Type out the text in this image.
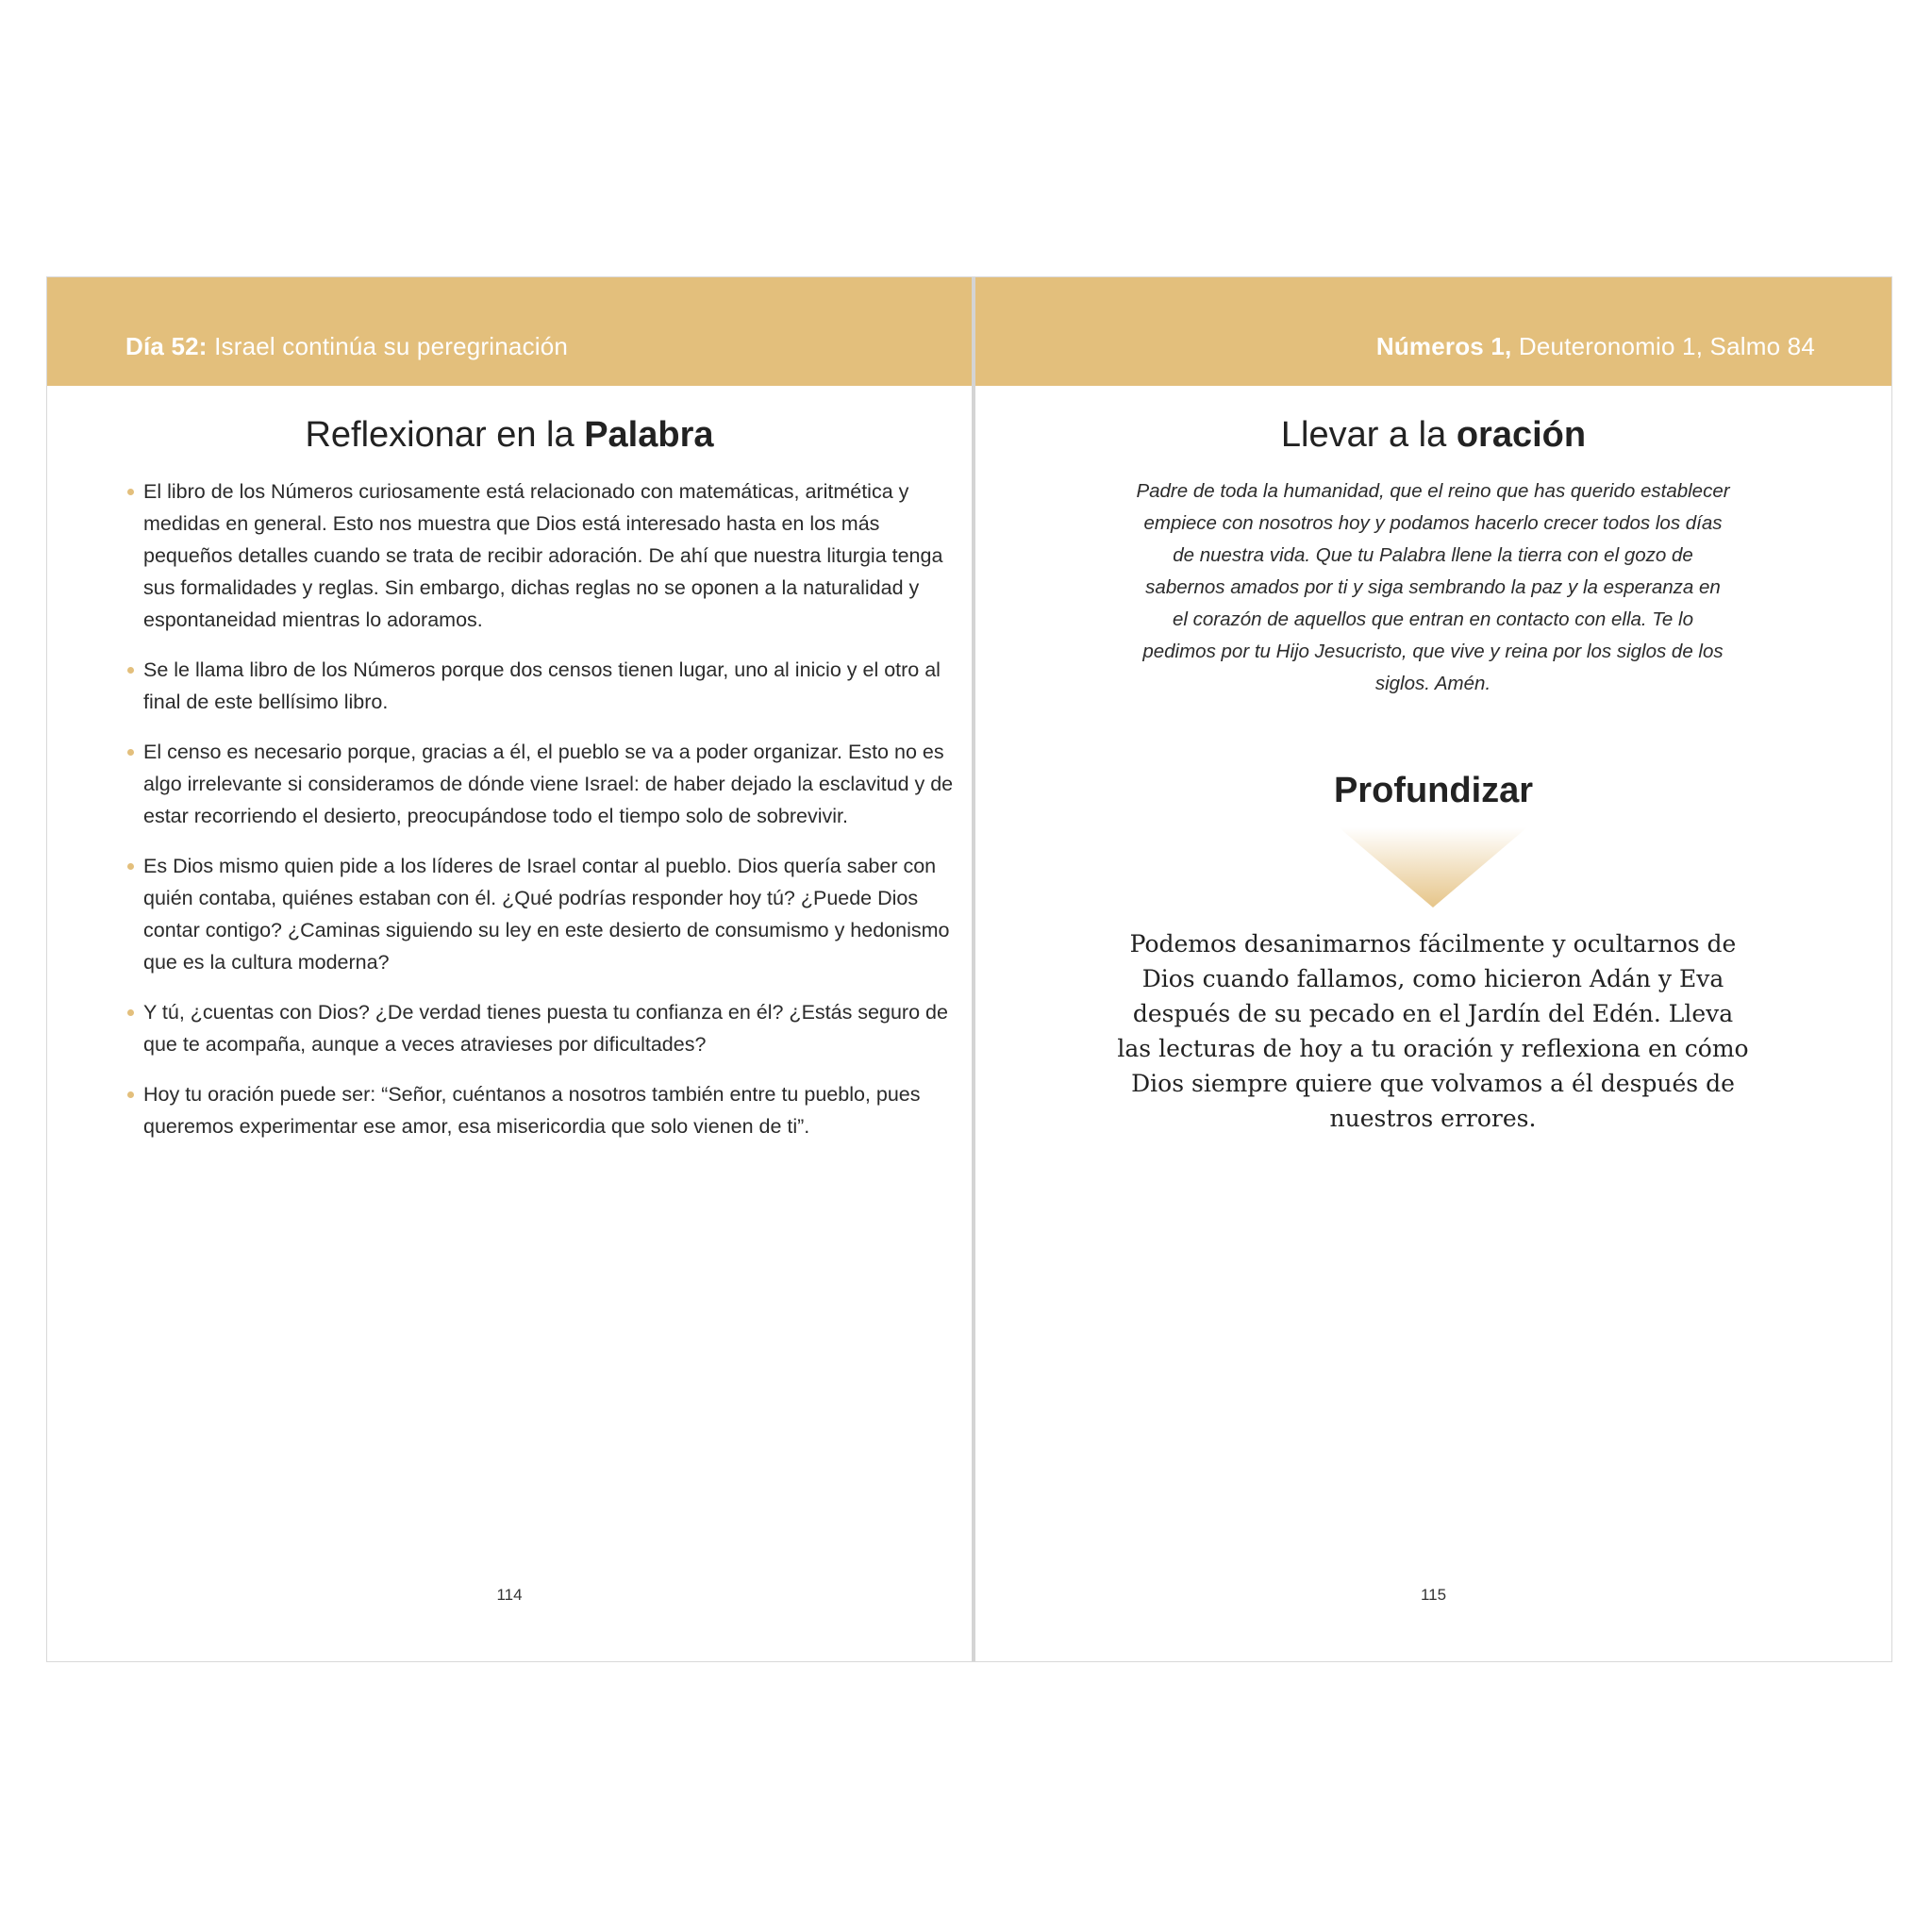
Día 52: Israel continúa su peregrinación
Reflexionar en la Palabra
El libro de los Números curiosamente está relacionado con matemáticas, aritmética y medidas en general. Esto nos muestra que Dios está interesado hasta en los más pequeños detalles cuando se trata de recibir adoración. De ahí que nuestra liturgia tenga sus formalidades y reglas. Sin embargo, dichas reglas no se oponen a la naturalidad y espontaneidad mientras lo adoramos.
Se le llama libro de los Números porque dos censos tienen lugar, uno al inicio y el otro al final de este bellísimo libro.
El censo es necesario porque, gracias a él, el pueblo se va a poder organizar. Esto no es algo irrelevante si consideramos de dónde viene Israel: de haber dejado la esclavitud y de estar recorriendo el desierto, preocupándose todo el tiempo solo de sobrevivir.
Es Dios mismo quien pide a los líderes de Israel contar al pueblo. Dios quería saber con quién contaba, quiénes estaban con él. ¿Qué podrías responder hoy tú? ¿Puede Dios contar contigo? ¿Caminas siguiendo su ley en este desierto de consumismo y hedonismo que es la cultura moderna?
Y tú, ¿cuentas con Dios? ¿De verdad tienes puesta tu confianza en él? ¿Estás seguro de que te acompaña, aunque a veces atravieses por dificultades?
Hoy tu oración puede ser: “Señor, cuéntanos a nosotros también entre tu pueblo, pues queremos experimentar ese amor, esa misericordia que solo vienen de ti”.
114
Números 1, Deuteronomio 1, Salmo 84
Llevar a la oración
Padre de toda la humanidad, que el reino que has querido establecer empiece con nosotros hoy y podamos hacerlo crecer todos los días de nuestra vida. Que tu Palabra llene la tierra con el gozo de sabernos amados por ti y siga sembrando la paz y la esperanza en el corazón de aquellos que entran en contacto con ella. Te lo pedimos por tu Hijo Jesucristo, que vive y reina por los siglos de los siglos. Amén.
Profundizar
Podemos desanimarnos fácilmente y ocultarnos de Dios cuando fallamos, como hicieron Adán y Eva después de su pecado en el Jardín del Edén. Lleva las lecturas de hoy a tu oración y reflexiona en cómo Dios siempre quiere que volvamos a él después de nuestros errores.
115
